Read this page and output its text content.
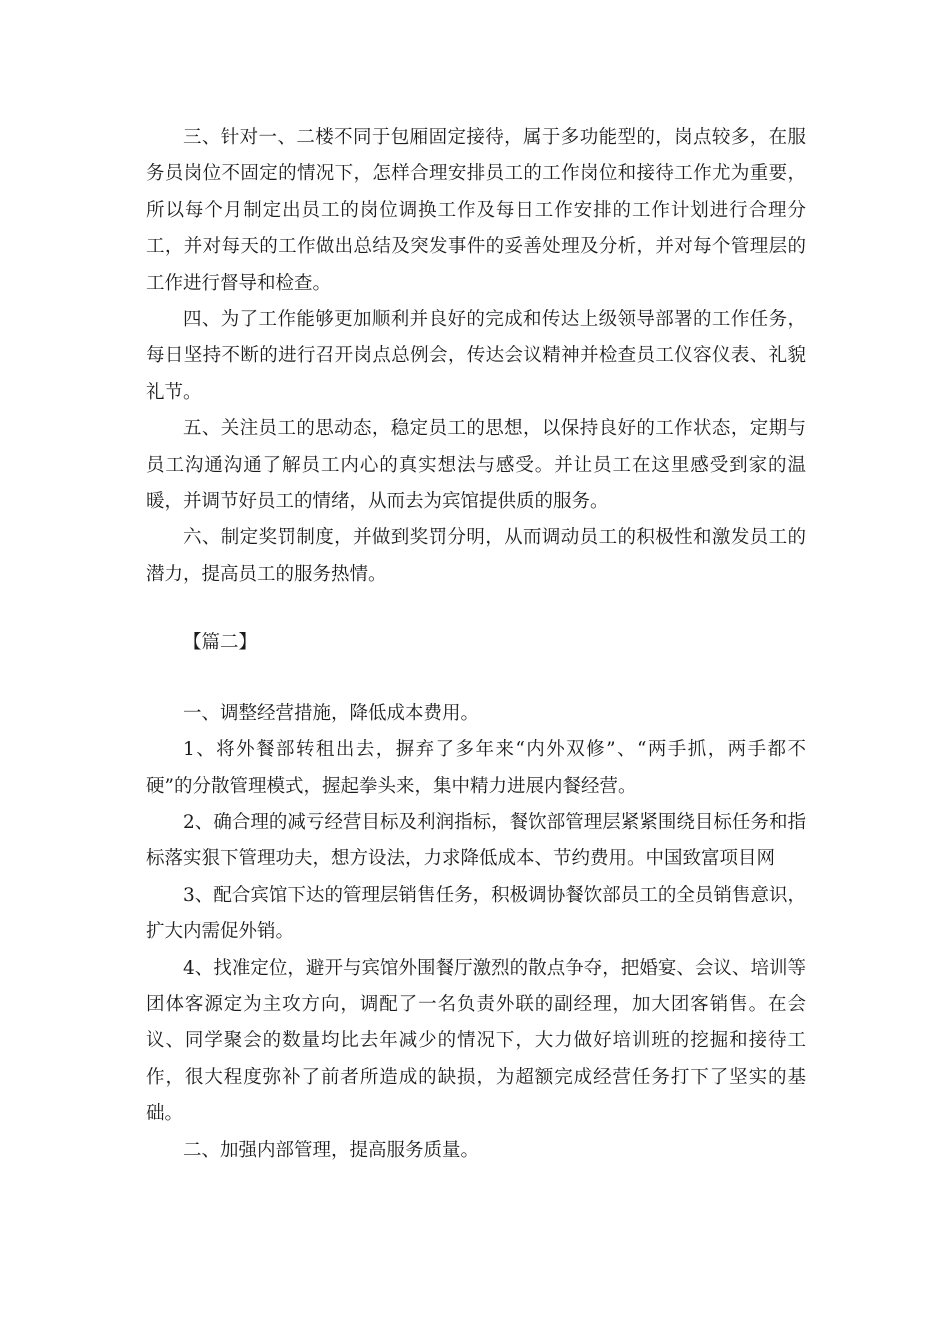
三、针对一、二楼不同于包厢固定接待，属于多功能型的，岗点较多，在服务员岗位不固定的情况下，怎样合理安排员工的工作岗位和接待工作尤为重要，所以每个月制定出员工的岗位调换工作及每日工作安排的工作计划进行合理分工，并对每天的工作做出总结及突发事件的妥善处理及分析，并对每个管理层的工作进行督导和检查。

四、为了工作能够更加顺利并良好的完成和传达上级领导部署的工作任务，每日坚持不断的进行召开岗点总例会，传达会议精神并检查员工仪容仪表、礼貌礼节。

五、关注员工的思动态，稳定员工的思想，以保持良好的工作状态，定期与员工沟通沟通了解员工内心的真实想法与感受。并让员工在这里感受到家的温暖，并调节好员工的情绪，从而去为宾馆提供质的服务。

六、制定奖罚制度，并做到奖罚分明，从而调动员工的积极性和激发员工的潜力，提高员工的服务热情。

【篇二】

一、调整经营措施，降低成本费用。

1、将外餐部转租出去，摒弃了多年来“内外双修”、“两手抓，两手都不硬”的分散管理模式，握起拳头来，集中精力进展内餐经营。

2、确合理的减亏经营目标及利润指标，餐饮部管理层紧紧围绕目标任务和指标落实狠下管理功夫，想方设法，力求降低成本、节约费用。中国致富项目网

3、配合宾馆下达的管理层销售任务，积极调协餐饮部员工的全员销售意识，扩大内需促外销。

4、找准定位，避开与宾馆外围餐厅激烈的散点争夺，把婚宴、会议、培训等团体客源定为主攻方向，调配了一名负责外联的副经理，加大团客销售。在会议、同学聚会的数量均比去年减少的情况下，大力做好培训班的挖掘和接待工作，很大程度弥补了前者所造成的缺损，为超额完成经营任务打下了坚实的基础。

二、加强内部管理，提高服务质量。
